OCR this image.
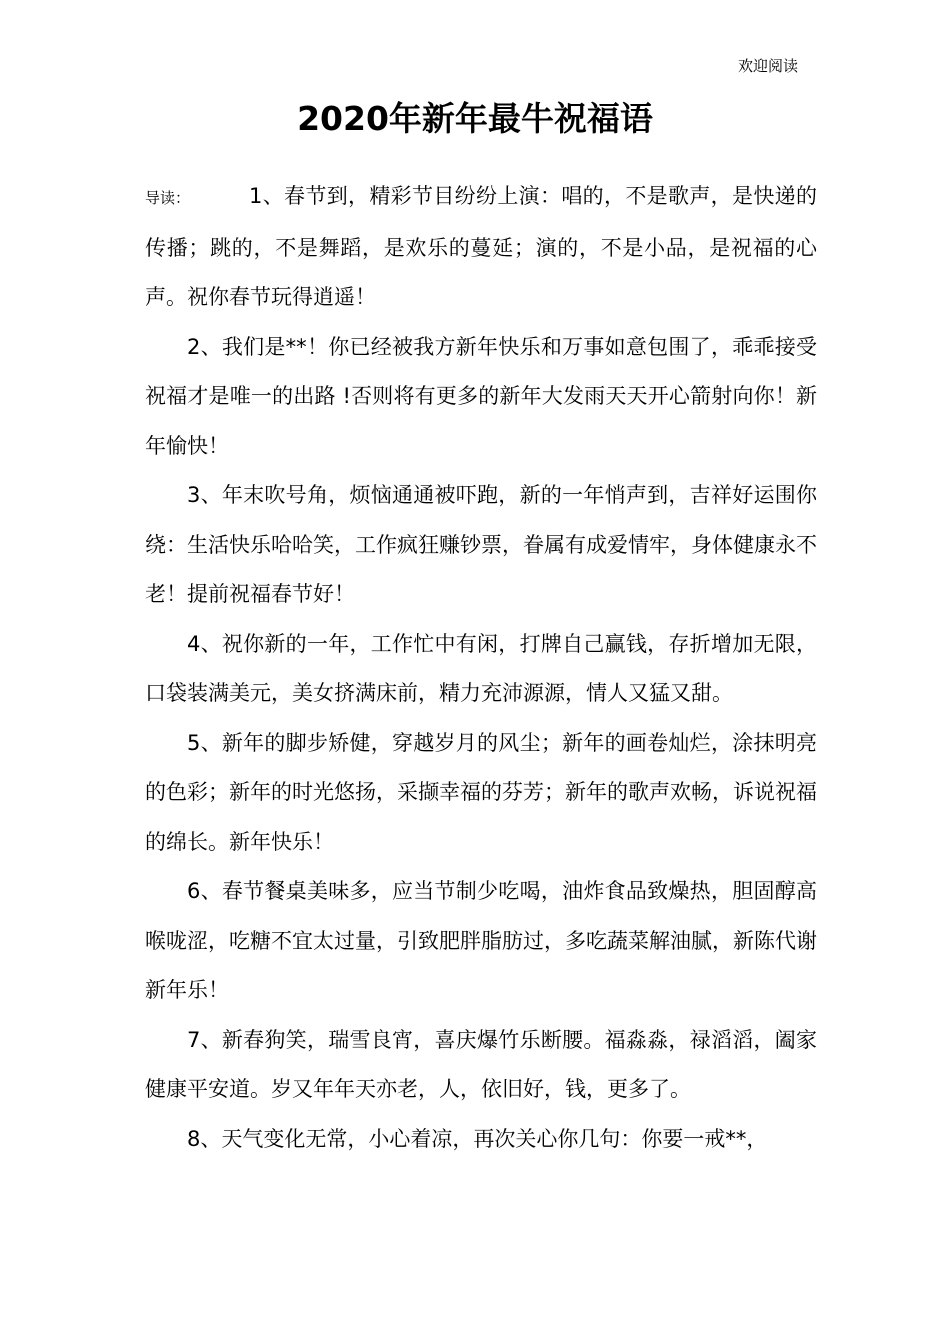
欢迎阅读
2020年新年最牛祝福语

导读：	1、春节到，精彩节目纷纷上演：唱的，不是歌声，是快递的传播；跳的，不是舞蹈，是欢乐的蔓延；演的，不是小品，是祝福的心声。祝你春节玩得逍遥！

2、我们是**！你已经被我方新年快乐和万事如意包围了，乖乖接受祝福才是唯一的出路 !否则将有更多的新年大发雨天天开心箭射向你！新年愉快！

3、年末吹号角，烦恼通通被吓跑，新的一年悄声到，吉祥好运围你绕：生活快乐哈哈笑，工作疯狂赚钞票，眷属有成爱情牢，身体健康永不老！提前祝福春节好！

4、祝你新的一年，工作忙中有闲，打牌自己赢钱，存折增加无限，口袋装满美元，美女挤满床前，精力充沛源源，情人又猛又甜。

5、新年的脚步矫健，穿越岁月的风尘；新年的画卷灿烂，涂抹明亮的色彩；新年的时光悠扬，采撷幸福的芬芳；新年的歌声欢畅，诉说祝福的绵长。新年快乐！

6、春节餐桌美味多，应当节制少吃喝，油炸食品致燥热，胆固醇高喉咙涩，吃糖不宜太过量，引致肥胖脂肪过，多吃蔬菜解油腻，新陈代谢新年乐！

7、新春狗笑，瑞雪良宵，喜庆爆竹乐断腰。福淼淼，禄滔滔，阖家健康平安道。岁又年年天亦老，人，依旧好，钱，更多了。

8、天气变化无常，小心着凉，再次关心你几句：你要一戒**，
